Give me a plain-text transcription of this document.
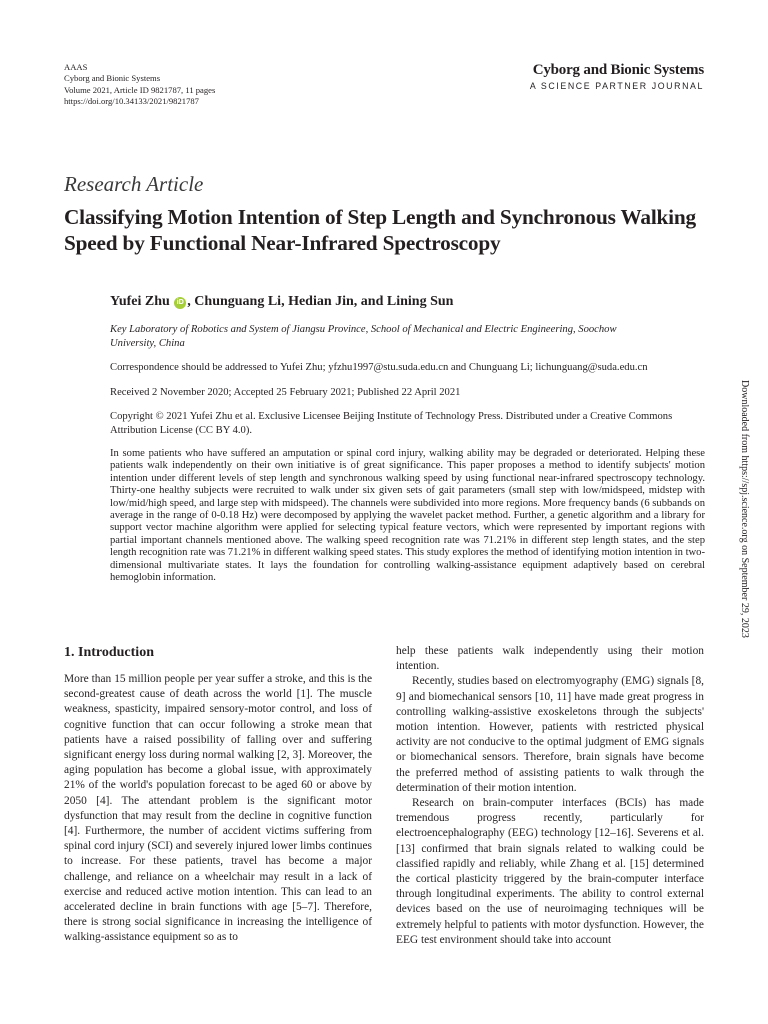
AAAS
Cyborg and Bionic Systems
Volume 2021, Article ID 9821787, 11 pages
https://doi.org/10.34133/2021/9821787
Cyborg and Bionic Systems
A SCIENCE PARTNER JOURNAL
Research Article
Classifying Motion Intention of Step Length and Synchronous Walking Speed by Functional Near-Infrared Spectroscopy
Yufei Zhu iD , Chunguang Li, Hedian Jin, and Lining Sun
Key Laboratory of Robotics and System of Jiangsu Province, School of Mechanical and Electric Engineering, Soochow University, China
Correspondence should be addressed to Yufei Zhu; yfzhu1997@stu.suda.edu.cn and Chunguang Li; lichunguang@suda.edu.cn
Received 2 November 2020; Accepted 25 February 2021; Published 22 April 2021
Copyright © 2021 Yufei Zhu et al. Exclusive Licensee Beijing Institute of Technology Press. Distributed under a Creative Commons Attribution License (CC BY 4.0).
In some patients who have suffered an amputation or spinal cord injury, walking ability may be degraded or deteriorated. Helping these patients walk independently on their own initiative is of great significance. This paper proposes a method to identify subjects' motion intention under different levels of step length and synchronous walking speed by using functional near-infrared spectroscopy technology. Thirty-one healthy subjects were recruited to walk under six given sets of gait parameters (small step with low/midspeed, midstep with low/mid/high speed, and large step with midspeed). The channels were subdivided into more regions. More frequency bands (6 subbands on average in the range of 0-0.18 Hz) were decomposed by applying the wavelet packet method. Further, a genetic algorithm and a library for support vector machine algorithm were applied for selecting typical feature vectors, which were represented by important regions with partial important channels mentioned above. The walking speed recognition rate was 71.21% in different step length states, and the step length recognition rate was 71.21% in different walking speed states. This study explores the method of identifying motion intention in two-dimensional multivariate states. It lays the foundation for controlling walking-assistance equipment adaptively based on cerebral hemoglobin information.	Downloaded from https://spj.science.org on September 29, 2023
1. Introduction

More than 15 million people per year suffer a stroke, and this is the second-greatest cause of death across the world [1]. The muscle weakness, spasticity, impaired sensory-motor control, and loss of cognitive function that can occur following a stroke mean that patients have a raised possibility of falling over and suffering significant energy loss during normal walking [2, 3]. Moreover, the aging population has become a global issue, with approximately 21% of the world's population forecast to be aged 60 or above by 2050 [4]. The attendant problem is the significant motor dysfunction that may result from the decline in cognitive function [4]. Furthermore, the number of accident victims suffering from spinal cord injury (SCI) and severely injured lower limbs continues to increase. For these patients, travel has become a major challenge, and reliance on a wheelchair may result in a lack of exercise and reduced active motion intention. This can lead to an accelerated decline in brain functions with age [5–7]. Therefore, there is strong social significance in increasing the intelligence of walking-assistance equipment so as to

help these patients walk independently using their motion intention.

Recently, studies based on electromyography (EMG) signals [8, 9] and biomechanical sensors [10, 11] have made great progress in controlling walking-assistive exoskeletons through the subjects' motion intention. However, patients with restricted physical activity are not conducive to the optimal judgment of EMG signals or biomechanical sensors. Therefore, brain signals have become the preferred method of assisting patients to walk through the determination of their motion intention.

Research on brain-computer interfaces (BCIs) has made tremendous progress recently, particularly for electroencephalography (EEG) technology [12–16]. Severens et al. [13] confirmed that brain signals related to walking could be classified rapidly and reliably, while Zhang et al. [15] determined the cortical plasticity triggered by the brain-computer interface through longitudinal experiments. The ability to control external devices based on the use of neuroimaging techniques will be extremely helpful to patients with motor dysfunction. However, the EEG test environment should take into account
